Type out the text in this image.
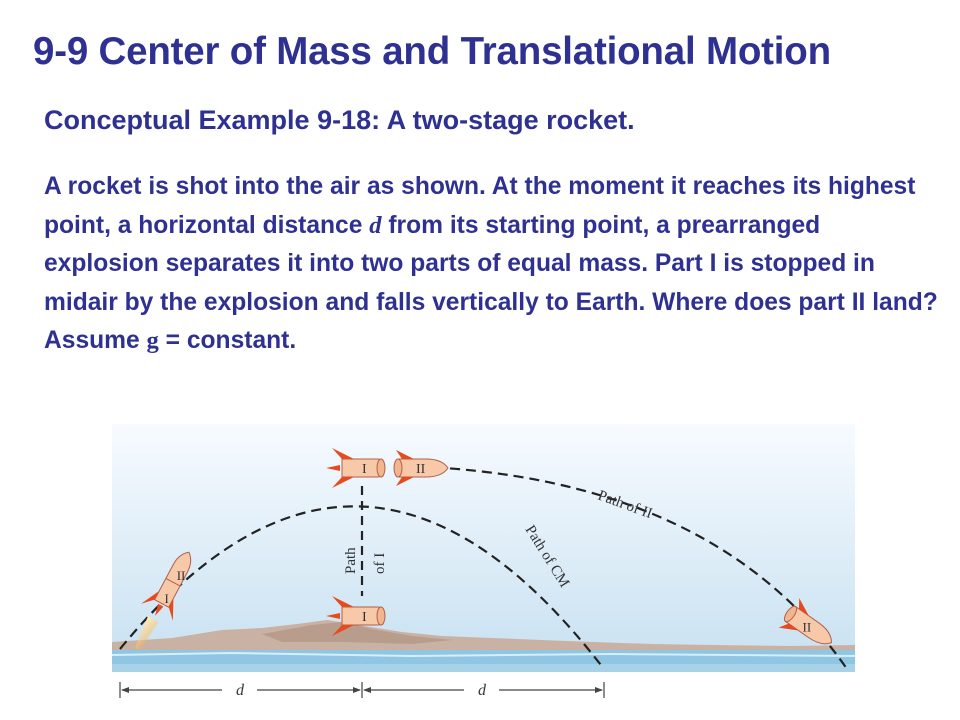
9-9 Center of Mass and Translational Motion
Conceptual Example 9-18: A two-stage rocket.
A rocket is shot into the air as shown. At the moment it reaches its highest point, a horizontal distance d from its starting point, a prearranged explosion separates it into two parts of equal mass. Part I is stopped in midair by the explosion and falls vertically to Earth. Where does part II land? Assume g = constant.
Path of II
Path of CM
Path of I
I
II
I	II
I
II
d	d
